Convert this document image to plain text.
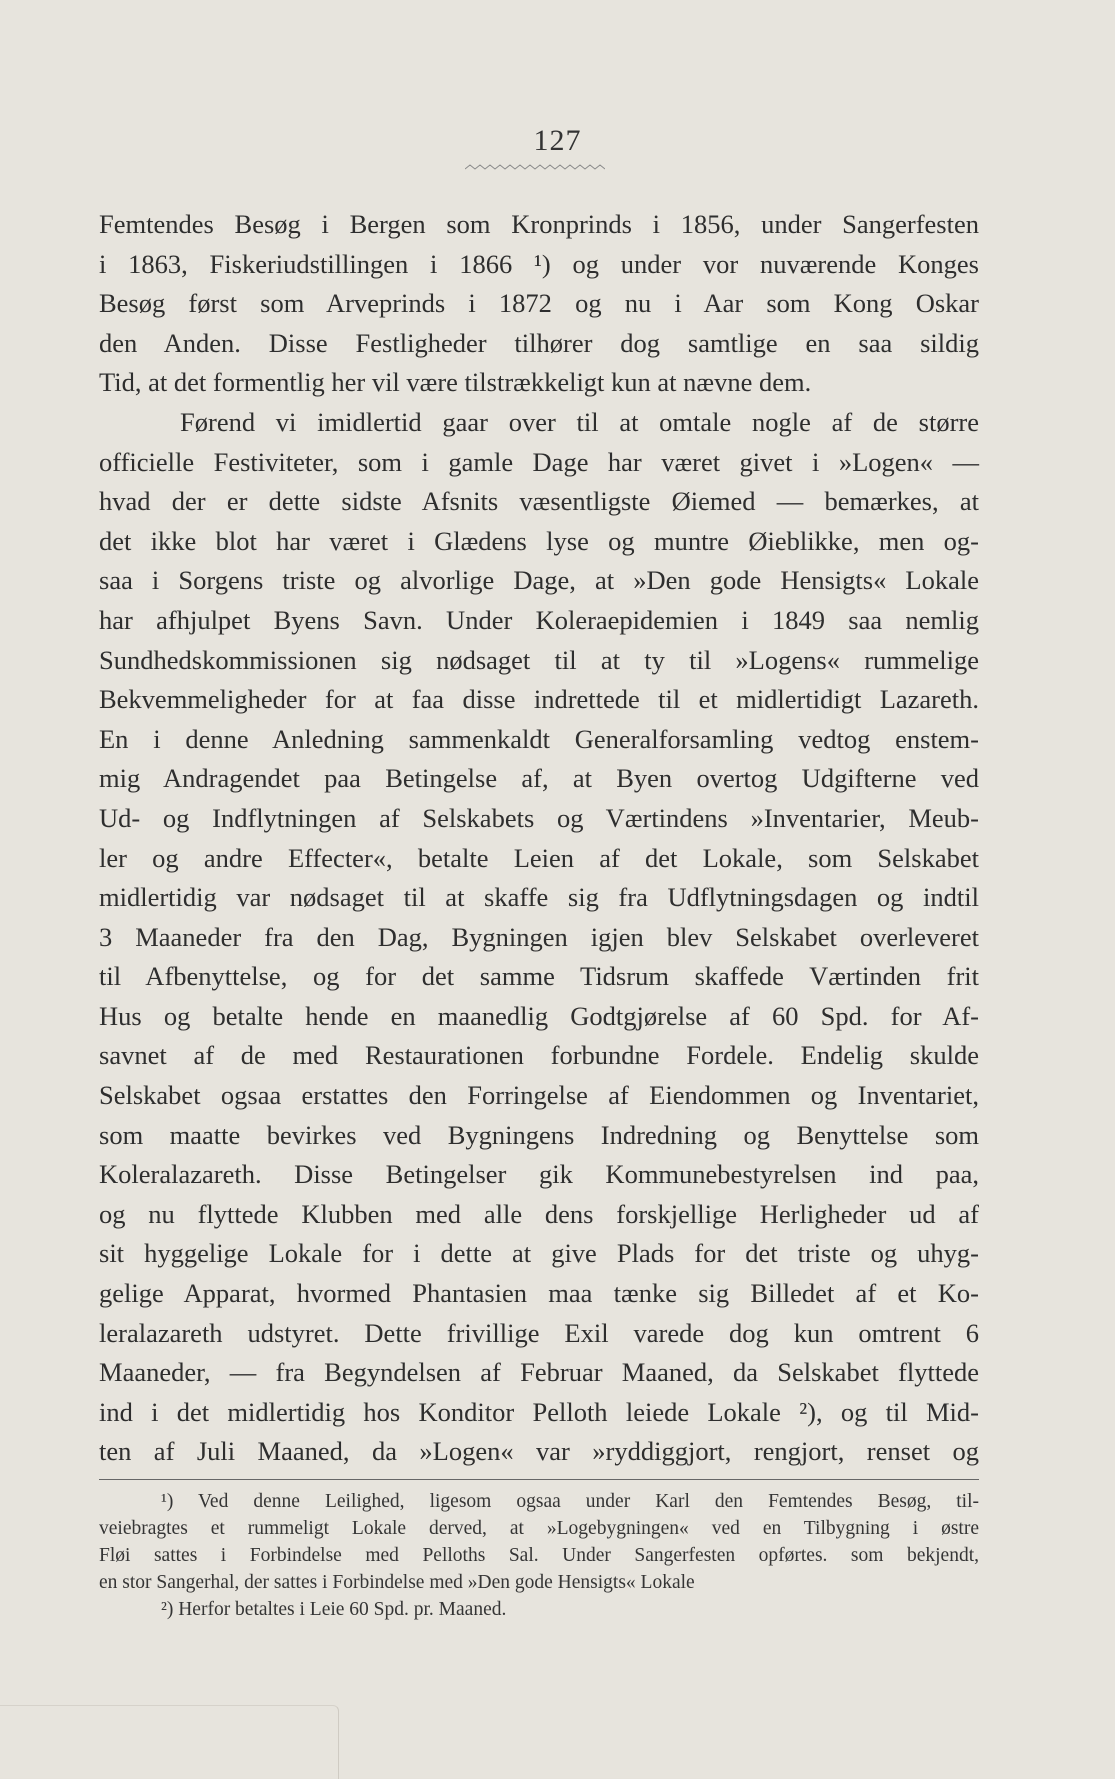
127
Femtendes Besøg i Bergen som Kronprinds i 1856, under Sangerfesten
i 1863, Fiskeriudstillingen i 1866 ¹) og under vor nuværende Konges
Besøg først som Arveprinds i 1872 og nu i Aar som Kong Oskar
den Anden. Disse Festligheder tilhører dog samtlige en saa sildig
Tid, at det formentlig her vil være tilstrækkeligt kun at nævne dem.
Førend vi imidlertid gaar over til at omtale nogle af de større
officielle Festiviteter, som i gamle Dage har været givet i »Logen« —
hvad der er dette sidste Afsnits væsentligste Øiemed — bemærkes, at
det ikke blot har været i Glædens lyse og muntre Øieblikke, men og-
saa i Sorgens triste og alvorlige Dage, at »Den gode Hensigts« Lokale
har afhjulpet Byens Savn. Under Koleraepidemien i 1849 saa nemlig
Sundhedskommissionen sig nødsaget til at ty til »Logens« rummelige
Bekvemmeligheder for at faa disse indrettede til et midlertidigt Lazareth.
En i denne Anledning sammenkaldt Generalforsamling vedtog enstem-
mig Andragendet paa Betingelse af, at Byen overtog Udgifterne ved
Ud- og Indflytningen af Selskabets og Værtindens »Inventarier, Meub-
ler og andre Effecter«, betalte Leien af det Lokale, som Selskabet
midlertidig var nødsaget til at skaffe sig fra Udflytningsdagen og indtil
3 Maaneder fra den Dag, Bygningen igjen blev Selskabet overleveret
til Afbenyttelse, og for det samme Tidsrum skaffede Værtinden frit
Hus og betalte hende en maanedlig Godtgjørelse af 60 Spd. for Af-
savnet af de med Restaurationen forbundne Fordele. Endelig skulde
Selskabet ogsaa erstattes den Forringelse af Eiendommen og Inventariet,
som maatte bevirkes ved Bygningens Indredning og Benyttelse som
Koleralazareth. Disse Betingelser gik Kommunebestyrelsen ind paa,
og nu flyttede Klubben med alle dens forskjellige Herligheder ud af
sit hyggelige Lokale for i dette at give Plads for det triste og uhyg-
gelige Apparat, hvormed Phantasien maa tænke sig Billedet af et Ko-
leralazareth udstyret. Dette frivillige Exil varede dog kun omtrent 6
Maaneder, — fra Begyndelsen af Februar Maaned, da Selskabet flyttede
ind i det midlertidig hos Konditor Pelloth leiede Lokale ²), og til Mid-
ten af Juli Maaned, da »Logen« var »ryddiggjort, rengjort, renset og
¹) Ved denne Leilighed, ligesom ogsaa under Karl den Femtendes Besøg, til-
veiebragtes et rummeligt Lokale derved, at »Logebygningen« ved en Tilbygning i østre
Fløi sattes i Forbindelse med Pelloths Sal. Under Sangerfesten opførtes. som bekjendt,
en stor Sangerhal, der sattes i Forbindelse med »Den gode Hensigts« Lokale
²) Herfor betaltes i Leie 60 Spd. pr. Maaned.
